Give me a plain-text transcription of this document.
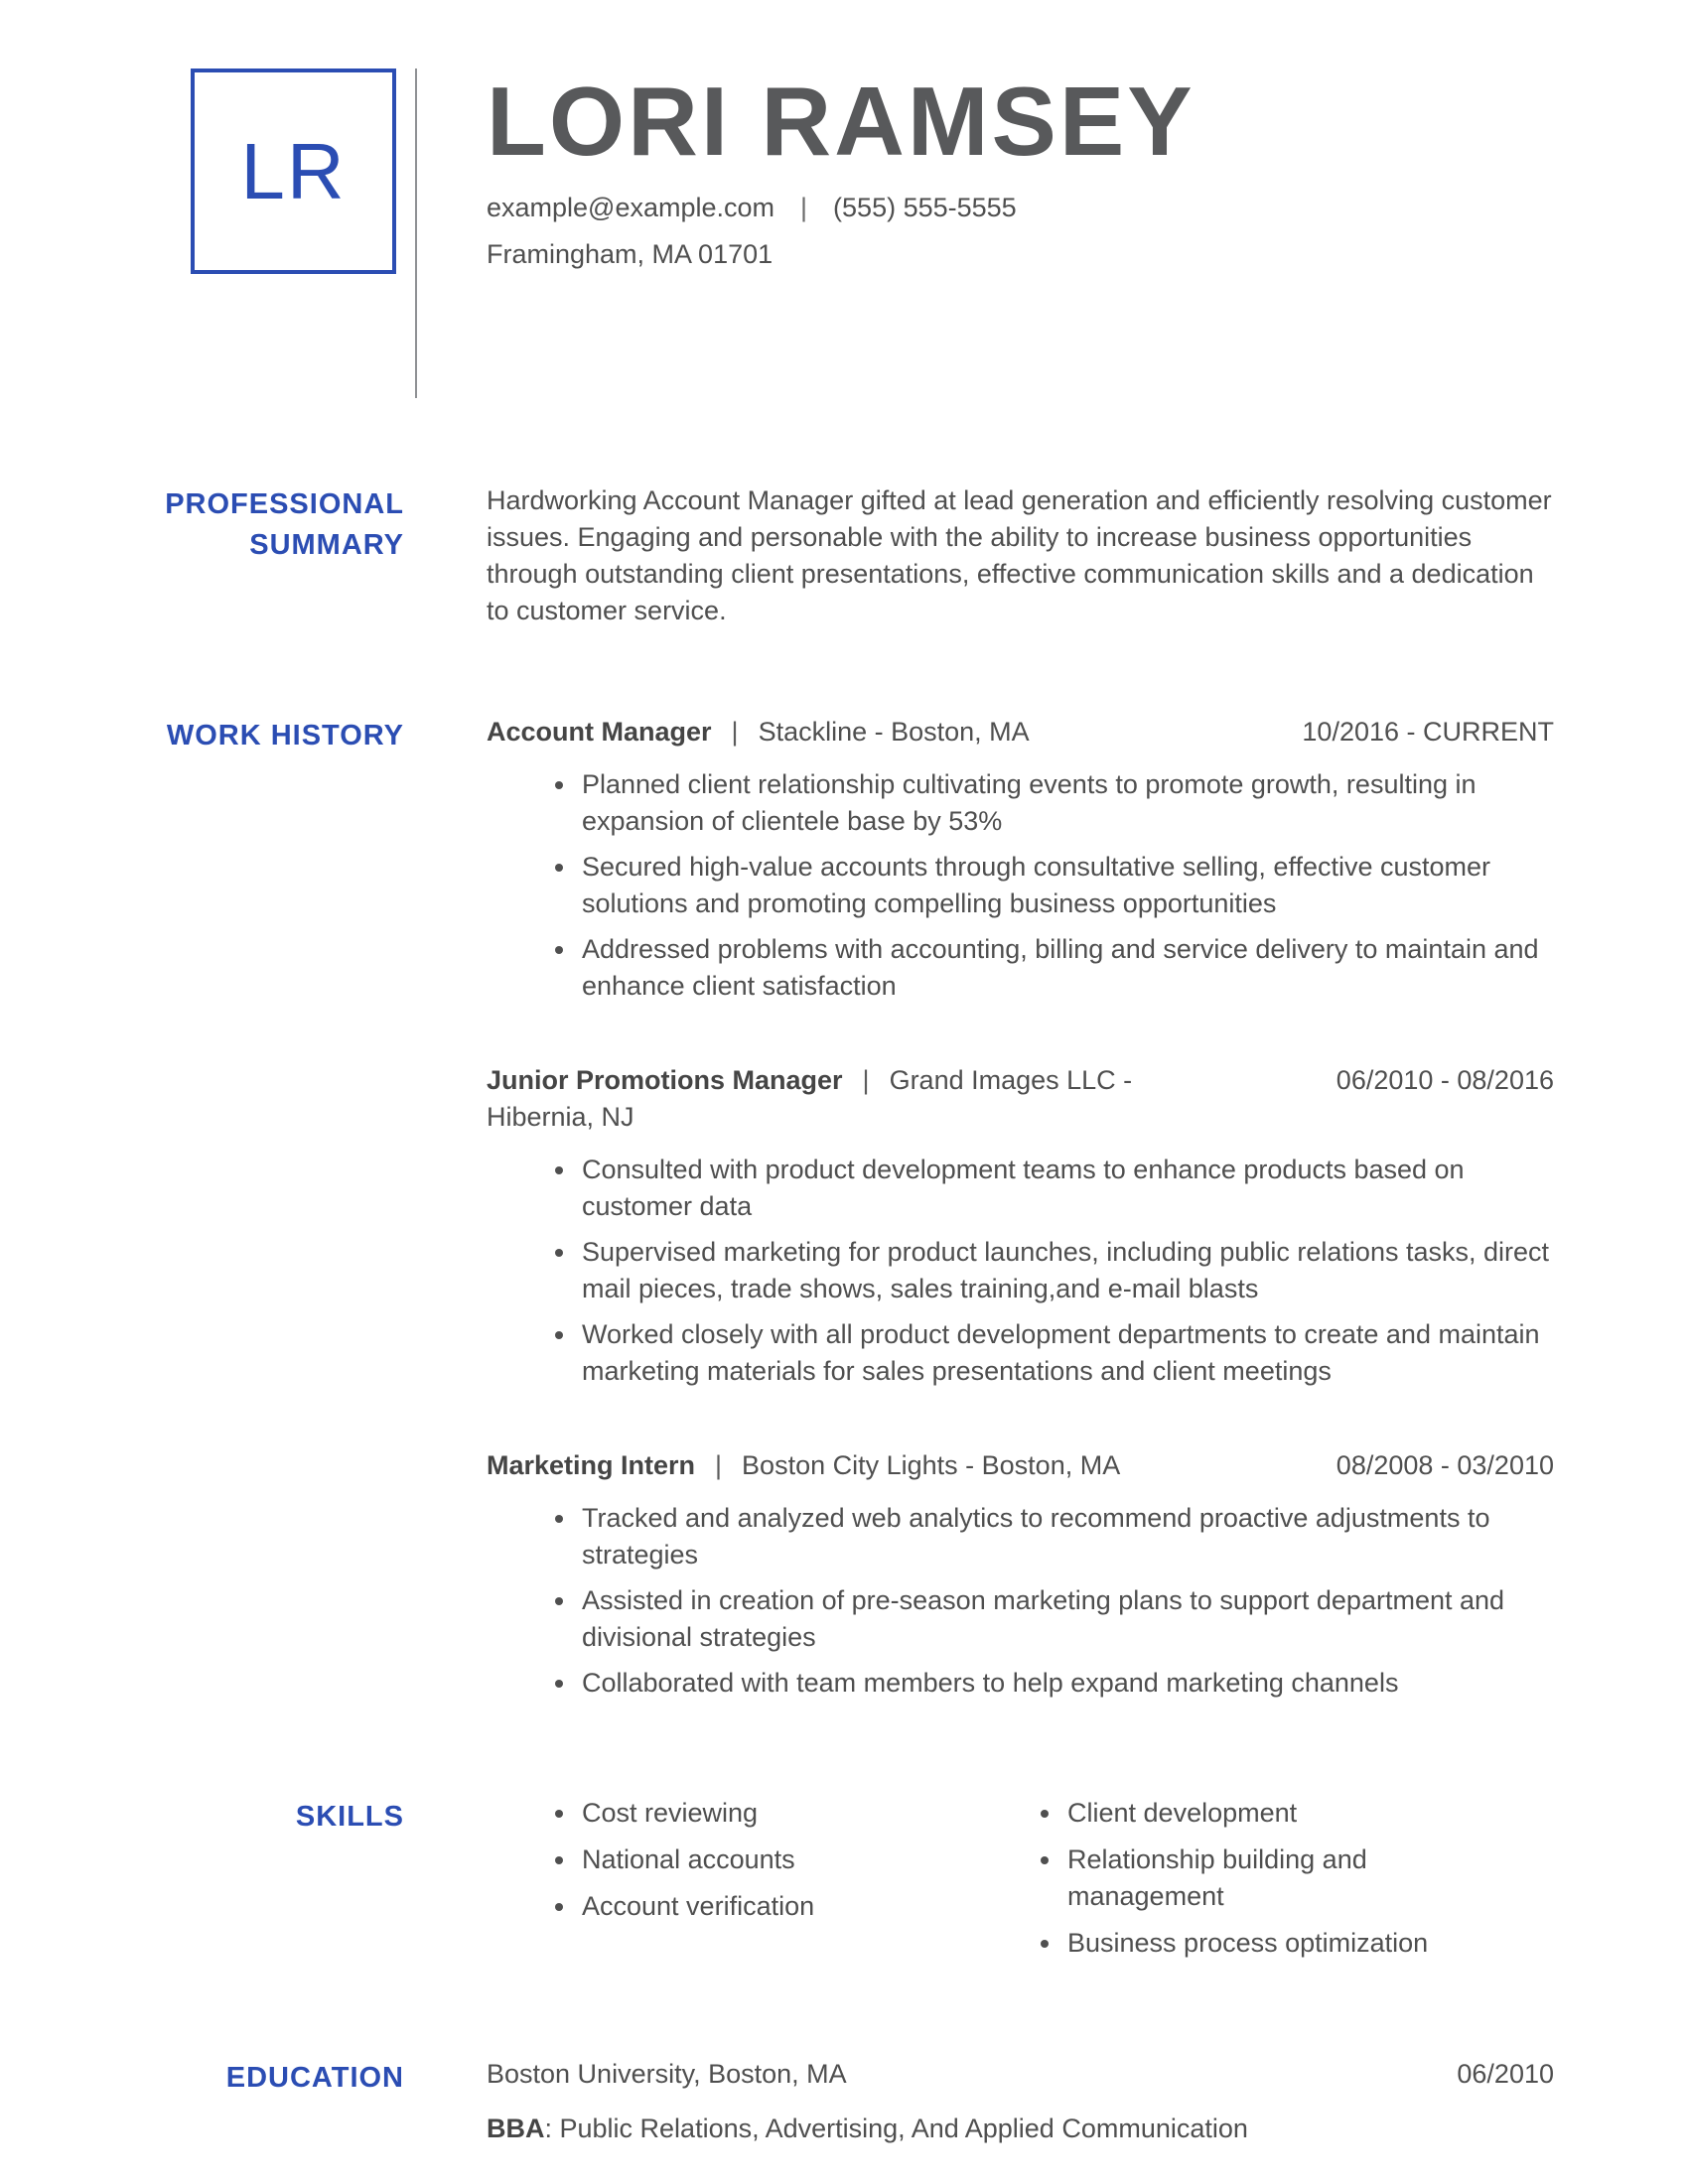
LR LORI RAMSEY
example@example.com | (555) 555-5555
Framingham, MA 01701
PROFESSIONAL SUMMARY

Hardworking Account Manager gifted at lead generation and efficiently resolving customer issues. Engaging and personable with the ability to increase business opportunities through outstanding client presentations, effective communication skills and a dedication to customer service.

WORK HISTORY	Account Manager | Stackline - Boston, MA	10/2016 - CURRENT
• Planned client relationship cultivating events to promote growth, resulting in expansion of clientele base by 53%
• Secured high-value accounts through consultative selling, effective customer solutions and promoting compelling business opportunities
• Addressed problems with accounting, billing and service delivery to maintain and enhance client satisfaction
Junior Promotions Manager | Grand Images LLC - Hibernia, NJ
06/2010 - 08/2016
• Consulted with product development teams to enhance products based on customer data
• Supervised marketing for product launches, including public relations tasks, direct mail pieces, trade shows, sales training,and e-mail blasts
• Worked closely with all product development departments to create and maintain marketing materials for sales presentations and client meetings
Marketing Intern | Boston City Lights - Boston, MA	08/2008 - 03/2010
• Tracked and analyzed web analytics to recommend proactive adjustments to strategies
• Assisted in creation of pre-season marketing plans to support department and divisional strategies
• Collaborated with team members to help expand marketing channels
SKILLS	• Cost reviewing
• National accounts
• Account verification
• Client development
• Relationship building and management
• Business process optimization
EDUCATION	Boston University, Boston, MA	06/2010

BBA: Public Relations, Advertising, And Applied Communication
